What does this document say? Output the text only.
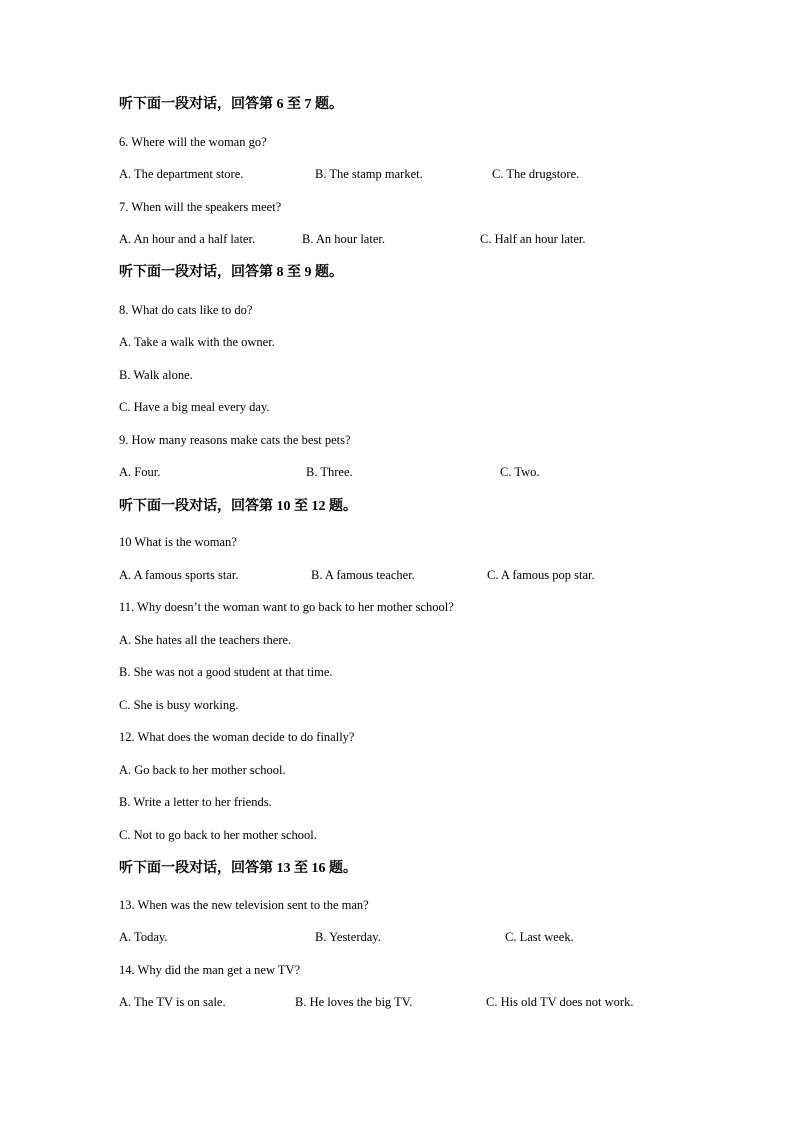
听下面一段对话，回答第 6 至 7 题。
6. Where will the woman go?
A. The department store.	B. The stamp market.	C. The drugstore.
7. When will the speakers meet?
A. An hour and a half later.	B. An hour later.	C. Half an hour later.
听下面一段对话，回答第 8 至 9 题。
8. What do cats like to do?
A. Take a walk with the owner.
B. Walk alone.
C. Have a big meal every day.
9. How many reasons make cats the best pets?
A. Four.	B. Three.	C. Two.
听下面一段对话，回答第 10 至 12 题。
10 What is the woman?
A. A famous sports star.	B. A famous teacher.	C. A famous pop star.
11. Why doesn’t the woman want to go back to her mother school?
A. She hates all the teachers there.
B. She was not a good student at that time.
C. She is busy working.
12. What does the woman decide to do finally?
A. Go back to her mother school.
B. Write a letter to her friends.
C. Not to go back to her mother school.
听下面一段对话，回答第 13 至 16 题。
13. When was the new television sent to the man?
A. Today.	B. Yesterday.	C. Last week.
14. Why did the man get a new TV?
A. The TV is on sale.	B. He loves the big TV.	C. His old TV does not work.
